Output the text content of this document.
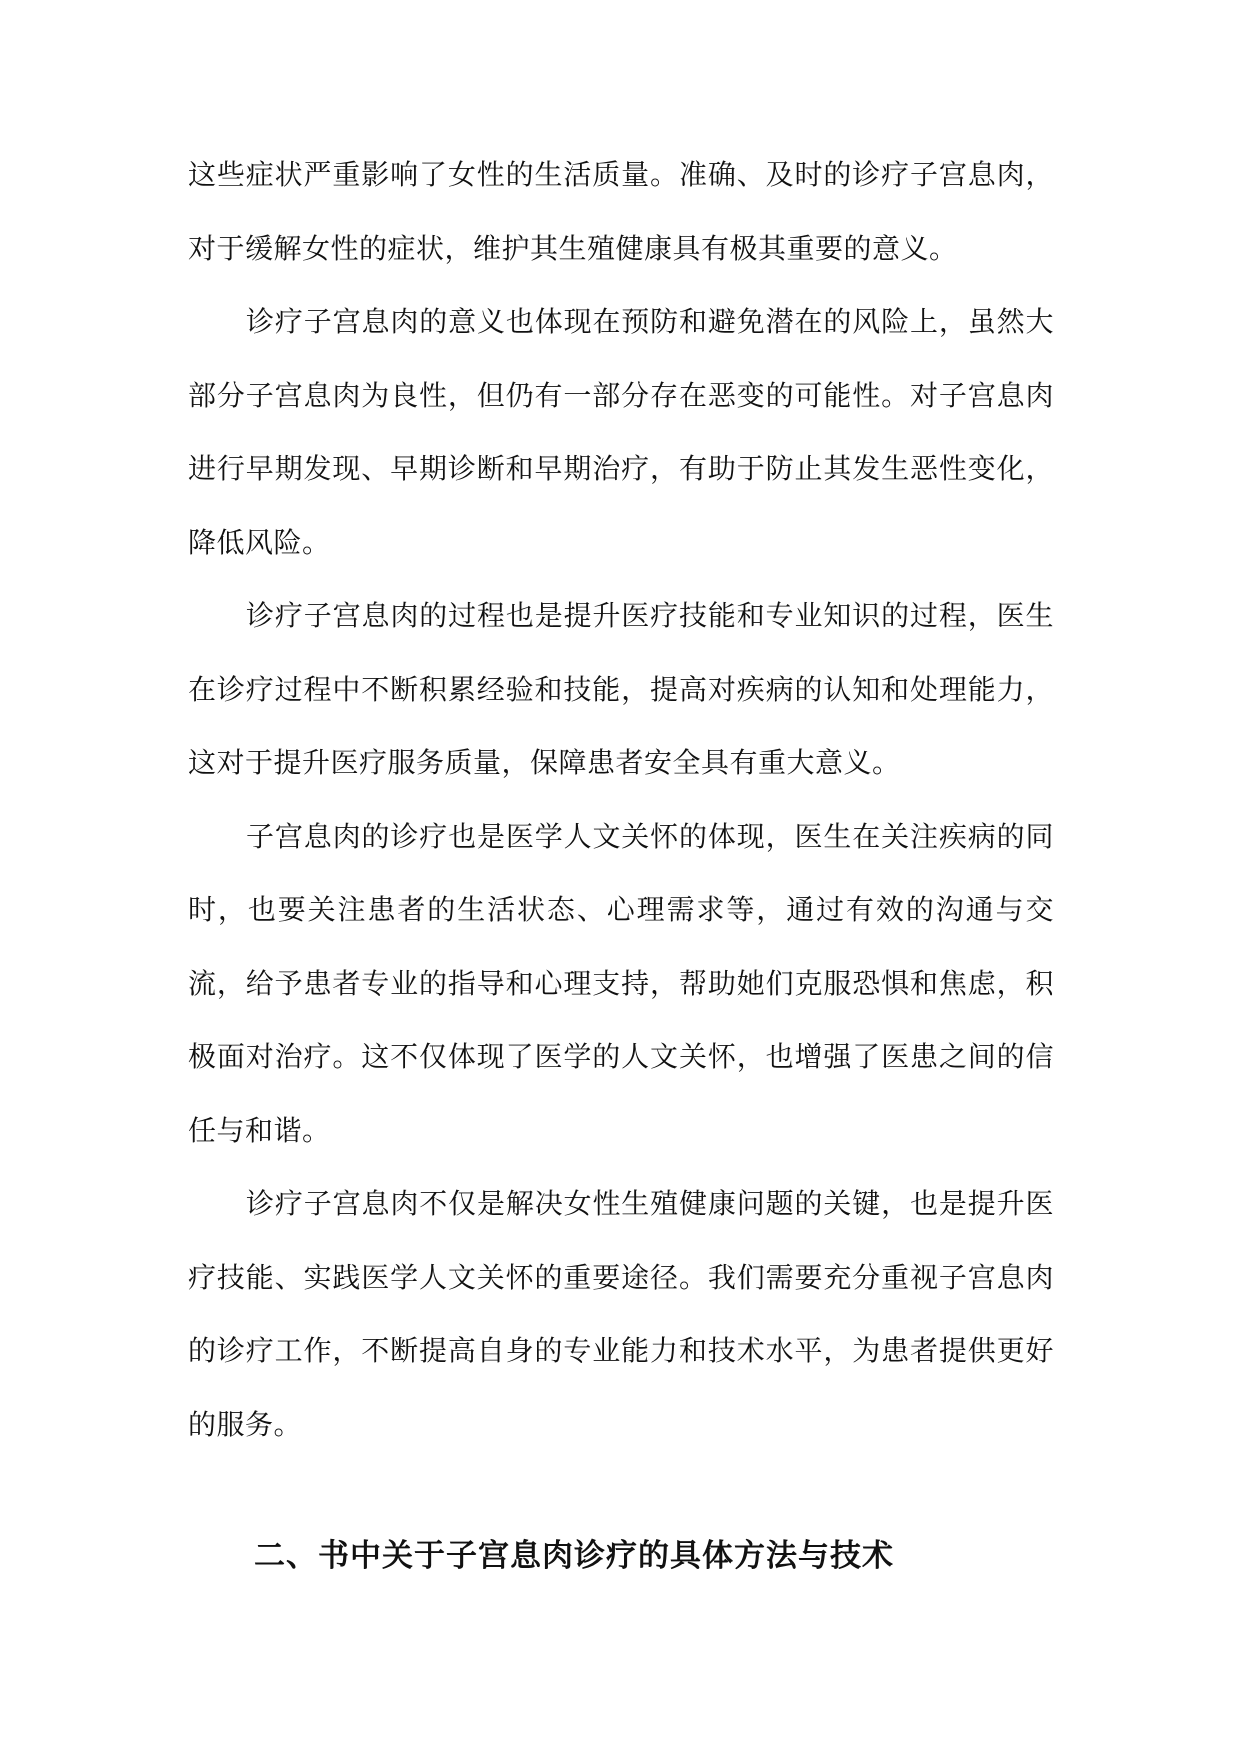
这些症状严重影响了女性的生活质量。准确、及时的诊疗子宫息肉，对于缓解女性的症状，维护其生殖健康具有极其重要的意义。

诊疗子宫息肉的意义也体现在预防和避免潜在的风险上，虽然大部分子宫息肉为良性，但仍有一部分存在恶变的可能性。对子宫息肉进行早期发现、早期诊断和早期治疗，有助于防止其发生恶性变化，降低风险。

诊疗子宫息肉的过程也是提升医疗技能和专业知识的过程，医生在诊疗过程中不断积累经验和技能，提高对疾病的认知和处理能力，这对于提升医疗服务质量，保障患者安全具有重大意义。

子宫息肉的诊疗也是医学人文关怀的体现，医生在关注疾病的同时，也要关注患者的生活状态、心理需求等，通过有效的沟通与交流，给予患者专业的指导和心理支持，帮助她们克服恐惧和焦虑，积极面对治疗。这不仅体现了医学的人文关怀，也增强了医患之间的信任与和谐。

诊疗子宫息肉不仅是解决女性生殖健康问题的关键，也是提升医疗技能、实践医学人文关怀的重要途径。我们需要充分重视子宫息肉的诊疗工作，不断提高自身的专业能力和技术水平，为患者提供更好的服务。

二、书中关于子宫息肉诊疗的具体方法与技术
